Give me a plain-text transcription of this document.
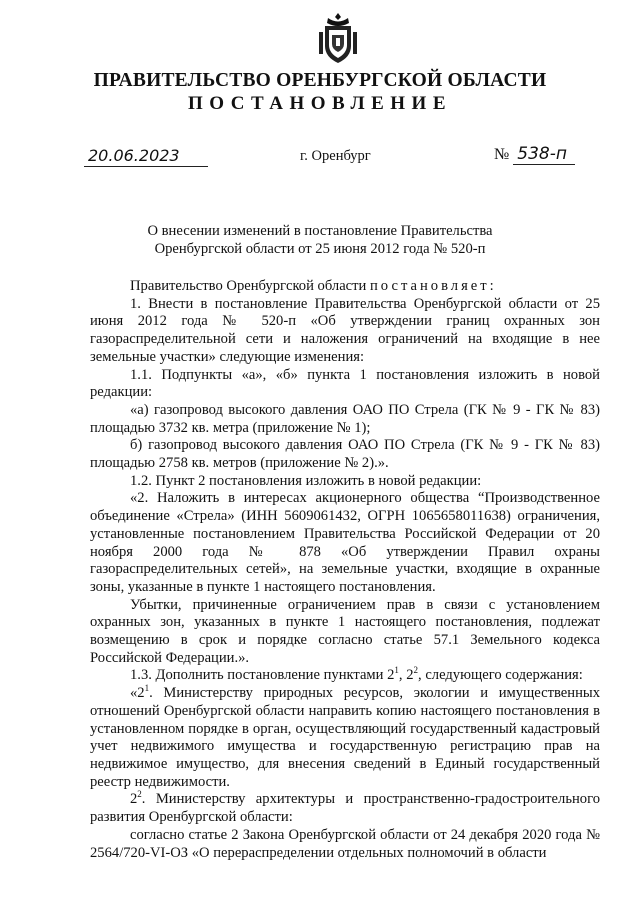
ПРАВИТЕЛЬСТВО ОРЕНБУРГСКОЙ ОБЛАСТИ
ПОСТАНОВЛЕНИЕ
20.06.2023	г. Оренбург	№ 538-п
О внесении изменений в постановление Правительства
Оренбургской области от 25 июня 2012 года № 520-п

Правительство Оренбургской области постановляет:

1. Внести в постановление Правительства Оренбургской области от 25 июня 2012 года № 520-п «Об утверждении границ охранных зон газораспределительной сети и наложения ограничений на входящие в нее земельные участки» следующие изменения:

1.1. Подпункты «а», «б» пункта 1 постановления изложить в новой редакции:

«а) газопровод высокого давления ОАО ПО Стрела (ГК № 9 - ГК № 83) площадью 3732 кв. метра (приложение № 1);

б) газопровод высокого давления ОАО ПО Стрела (ГК № 9 - ГК № 83) площадью 2758 кв. метров (приложение № 2).».

1.2. Пункт 2 постановления изложить в новой редакции:

«2. Наложить в интересах акционерного общества “Производственное объединение «Стрела» (ИНН 5609061432, ОГРН 1065658011638) ограничения, установленные постановлением Правительства Российской Федерации от 20 ноября 2000 года № 878 «Об утверждении Правил охраны газораспределительных сетей», на земельные участки, входящие в охранные зоны, указанные в пункте 1 настоящего постановления.

Убытки, причиненные ограничением прав в связи с установлением охранных зон, указанных в пункте 1 настоящего постановления, подлежат возмещению в срок и порядке согласно статье 57.1 Земельного кодекса Российской Федерации.».

1.3. Дополнить постановление пунктами $2^1$, $2^2$, следующего содержания:

«$2^1$. Министерству природных ресурсов, экологии и имущественных отношений Оренбургской области направить копию настоящего постановления в установленном порядке в орган, осуществляющий государственный кадастровый учет недвижимого имущества и государственную регистрацию прав на недвижимое имущество, для внесения сведений в Единый государственный реестр недвижимости.

$2^2$. Министерству архитектуры и пространственно-градостроительного развития Оренбургской области:

согласно статье 2 Закона Оренбургской области от 24 декабря 2020 года № 2564/720-VI-ОЗ «О перераспределении отдельных полномочий в области
